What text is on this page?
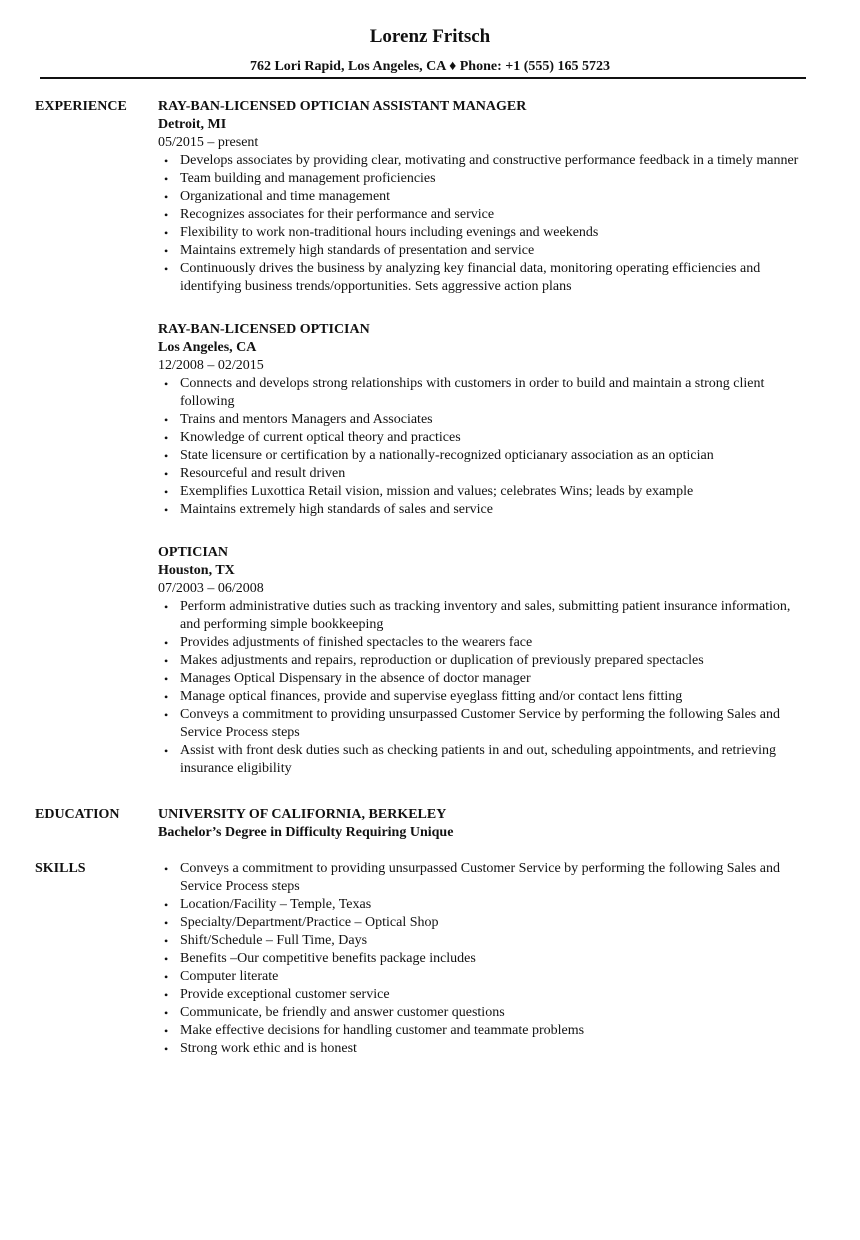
Lorenz Fritsch
762 Lori Rapid, Los Angeles, CA ♦ Phone: +1 (555) 165 5723
EXPERIENCE	RAY-BAN-LICENSED OPTICIAN ASSISTANT MANAGER
Detroit, MI
05/2015 – present
• Develops associates by providing clear, motivating and constructive performance feedback in a timely manner
• Team building and management proficiencies
• Organizational and time management
• Recognizes associates for their performance and service
• Flexibility to work non-traditional hours including evenings and weekends
• Maintains extremely high standards of presentation and service
• Continuously drives the business by analyzing key financial data, monitoring operating efficiencies and identifying business trends/opportunities. Sets aggressive action plans
RAY-BAN-LICENSED OPTICIAN
Los Angeles, CA
12/2008 – 02/2015
• Connects and develops strong relationships with customers in order to build and maintain a strong client following
• Trains and mentors Managers and Associates
• Knowledge of current optical theory and practices
• State licensure or certification by a nationally-recognized opticianary association as an optician
• Resourceful and result driven
• Exemplifies Luxottica Retail vision, mission and values; celebrates Wins; leads by example
• Maintains extremely high standards of sales and service
OPTICIAN
Houston, TX
07/2003 – 06/2008
• Perform administrative duties such as tracking inventory and sales, submitting patient insurance information, and performing simple bookkeeping
• Provides adjustments of finished spectacles to the wearers face
• Makes adjustments and repairs, reproduction or duplication of previously prepared spectacles
• Manages Optical Dispensary in the absence of doctor manager
• Manage optical finances, provide and supervise eyeglass fitting and/or contact lens fitting
• Conveys a commitment to providing unsurpassed Customer Service by performing the following Sales and Service Process steps
• Assist with front desk duties such as checking patients in and out, scheduling appointments, and retrieving insurance eligibility
EDUCATION	UNIVERSITY OF CALIFORNIA, BERKELEY
Bachelor’s Degree in Difficulty Requiring Unique
SKILLS	• Conveys a commitment to providing unsurpassed Customer Service by performing the following Sales and Service Process steps
• Location/Facility – Temple, Texas
• Specialty/Department/Practice – Optical Shop
• Shift/Schedule – Full Time, Days
• Benefits –Our competitive benefits package includes
• Computer literate
• Provide exceptional customer service
• Communicate, be friendly and answer customer questions
• Make effective decisions for handling customer and teammate problems
• Strong work ethic and is honest
